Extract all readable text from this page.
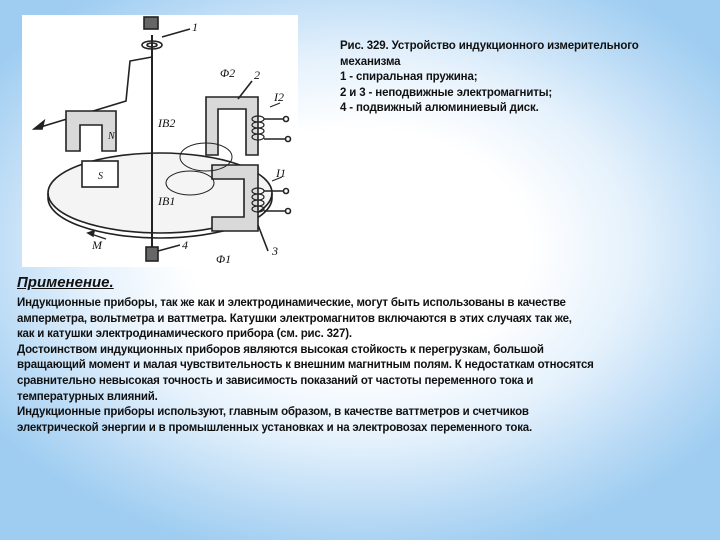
1
2
3
4
Φ2
Φ1
I2
I1
IB2
IB1
N
S
M
Рис. 329. Устройство индукционного измерительного
механизма
1 - спиральная пружина;
2 и 3 - неподвижные электромагниты;
4 - подвижный алюминиевый диск.
Применение.

Индукционные приборы, так же как и электродинамические, могут быть использованы в качестве

амперметра, вольтметра и ваттметра. Катушки электромагнитов включаются в этих случаях так же,

как и катушки электродинамического прибора (см. рис. 327).

Достоинством индукционных приборов являются высокая стойкость к перегрузкам, большой

вращающий момент и малая чувствительность к внешним магнитным полям. К недостаткам относятся

сравнительно невысокая точность и зависимость показаний от частоты переменного тока и

температурных влияний.

Индукционные приборы используют, главным образом, в качестве ваттметров и счетчиков

электрической энергии и в промышленных установках и на электровозах переменного тока.
